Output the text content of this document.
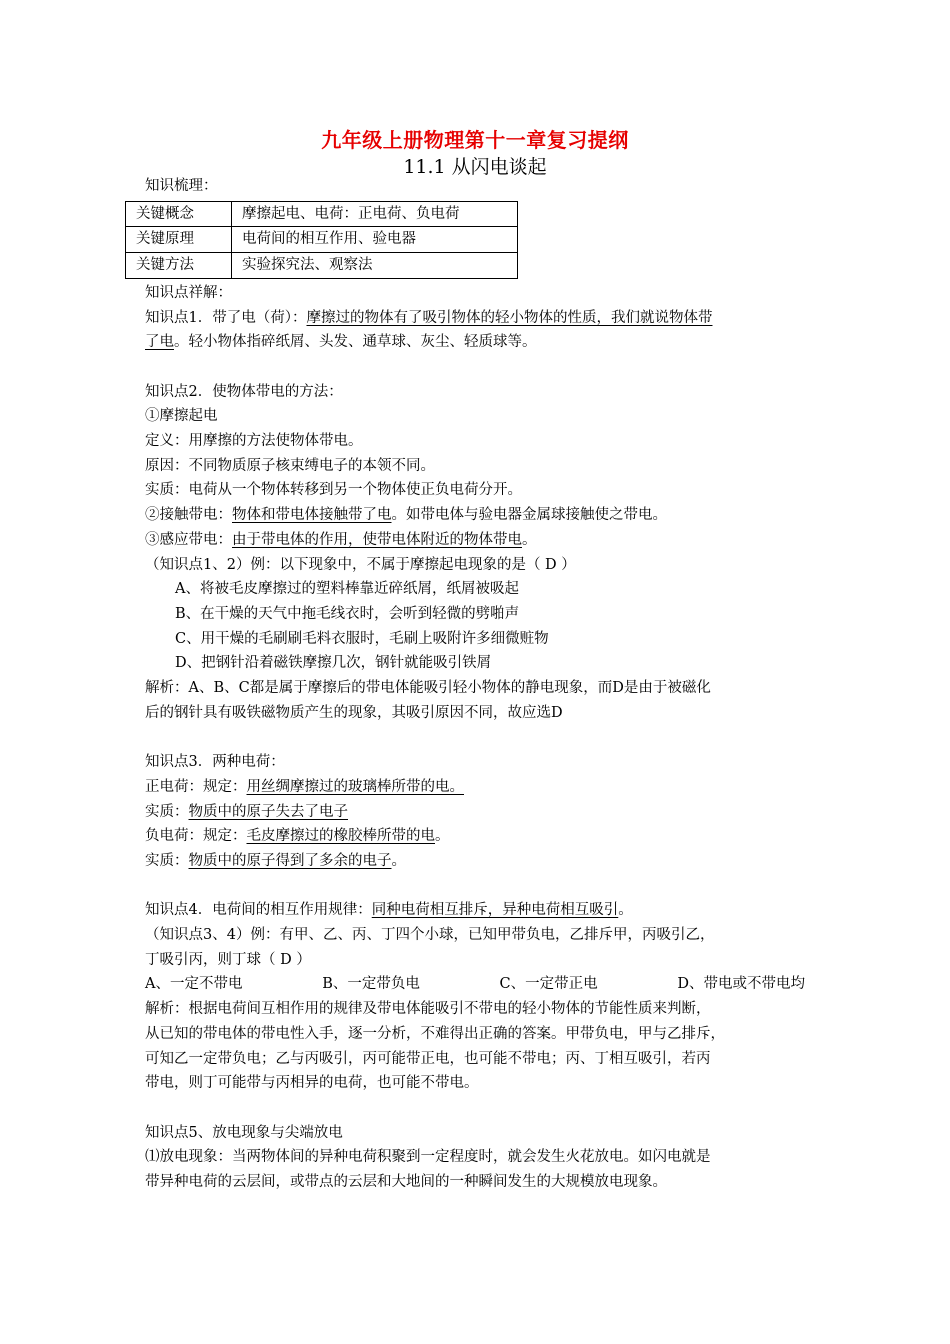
九年级上册物理第十一章复习提纲
11.1 从闪电谈起
知识梳理：
关键概念	摩擦起电、电荷：正电荷、负电荷
关键原理	电荷间的相互作用、验电器
关键方法	实验探究法、观察法
知识点祥解：
知识点1．带了电（荷）：摩擦过的物体有了吸引物体的轻小物体的性质，我们就说物体带
了电。轻小物体指碎纸屑、头发、通草球、灰尘、轻质球等。
知识点2．使物体带电的方法：
①摩擦起电
定义：用摩擦的方法使物体带电。
原因：不同物质原子核束缚电子的本领不同。
实质：电荷从一个物体转移到另一个物体使正负电荷分开。
②接触带电：物体和带电体接触带了电。如带电体与验电器金属球接触使之带电。
③感应带电：由于带电体的作用，使带电体附近的物体带电。
（知识点1、2）例：以下现象中，不属于摩擦起电现象的是（ D ）
A、将被毛皮摩擦过的塑料棒靠近碎纸屑，纸屑被吸起
B、在干燥的天气中拖毛线衣时，会听到轻微的劈啪声
C、用干燥的毛刷刷毛料衣服时，毛刷上吸附许多细微赃物
D、把钢针沿着磁铁摩擦几次，钢针就能吸引铁屑
解析：A、B、C都是属于摩擦后的带电体能吸引轻小物体的静电现象，而D是由于被磁化
后的钢针具有吸铁磁物质产生的现象，其吸引原因不同，故应选D
知识点3．两种电荷：
正电荷：规定：用丝绸摩擦过的玻璃棒所带的电。
实质：物质中的原子失去了电子
负电荷：规定：毛皮摩擦过的橡胶棒所带的电。
实质：物质中的原子得到了多余的电子。
知识点4．电荷间的相互作用规律：同种电荷相互排斥，异种电荷相互吸引。
（知识点3、4）例：有甲、乙、丙、丁四个小球，已知甲带负电，乙排斥甲，丙吸引乙，
丁吸引丙，则丁球（ D ）
A、一定不带电	B、一定带负电	C、一定带正电	D、带电或不带电均
解析：根据电荷间互相作用的规律及带电体能吸引不带电的轻小物体的节能性质来判断，
从已知的带电体的带电性入手，逐一分析，不难得出正确的答案。甲带负电，甲与乙排斥，
可知乙一定带负电；乙与丙吸引，丙可能带正电，也可能不带电；丙、丁相互吸引，若丙
带电，则丁可能带与丙相异的电荷，也可能不带电。
知识点5、放电现象与尖端放电
⑴放电现象：当两物体间的异种电荷积聚到一定程度时，就会发生火花放电。如闪电就是
带异种电荷的云层间，或带点的云层和大地间的一种瞬间发生的大规模放电现象。
